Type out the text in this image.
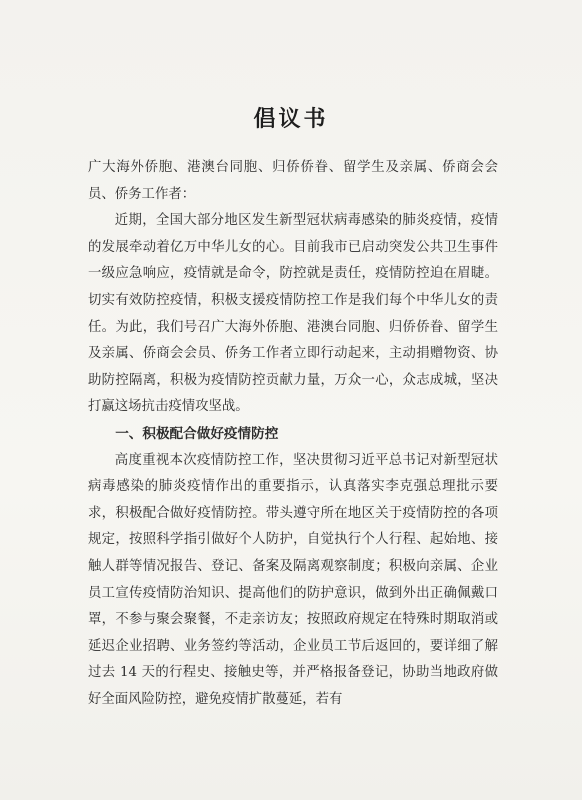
倡议书

广大海外侨胞、港澳台同胞、归侨侨眷、留学生及亲属、侨商会会员、侨务工作者：

近期，全国大部分地区发生新型冠状病毒感染的肺炎疫情，疫情的发展牵动着亿万中华儿女的心。目前我市已启动突发公共卫生事件一级应急响应，疫情就是命令，防控就是责任，疫情防控迫在眉睫。切实有效防控疫情，积极支援疫情防控工作是我们每个中华儿女的责任。为此，我们号召广大海外侨胞、港澳台同胞、归侨侨眷、留学生及亲属、侨商会会员、侨务工作者立即行动起来，主动捐赠物资、协助防控隔离，积极为疫情防控贡献力量，万众一心，众志成城，坚决打赢这场抗击疫情攻坚战。

一、积极配合做好疫情防控

高度重视本次疫情防控工作，坚决贯彻习近平总书记对新型冠状病毒感染的肺炎疫情作出的重要指示，认真落实李克强总理批示要求，积极配合做好疫情防控。带头遵守所在地区关于疫情防控的各项规定，按照科学指引做好个人防护，自觉执行个人行程、起始地、接触人群等情况报告、登记、备案及隔离观察制度；积极向亲属、企业员工宣传疫情防治知识、提高他们的防护意识，做到外出正确佩戴口罩，不参与聚会聚餐，不走亲访友；按照政府规定在特殊时期取消或延迟企业招聘、业务签约等活动，企业员工节后返回的，要详细了解过去 14 天的行程史、接触史等，并严格报备登记，协助当地政府做好全面风险防控，避免疫情扩散蔓延，若有
